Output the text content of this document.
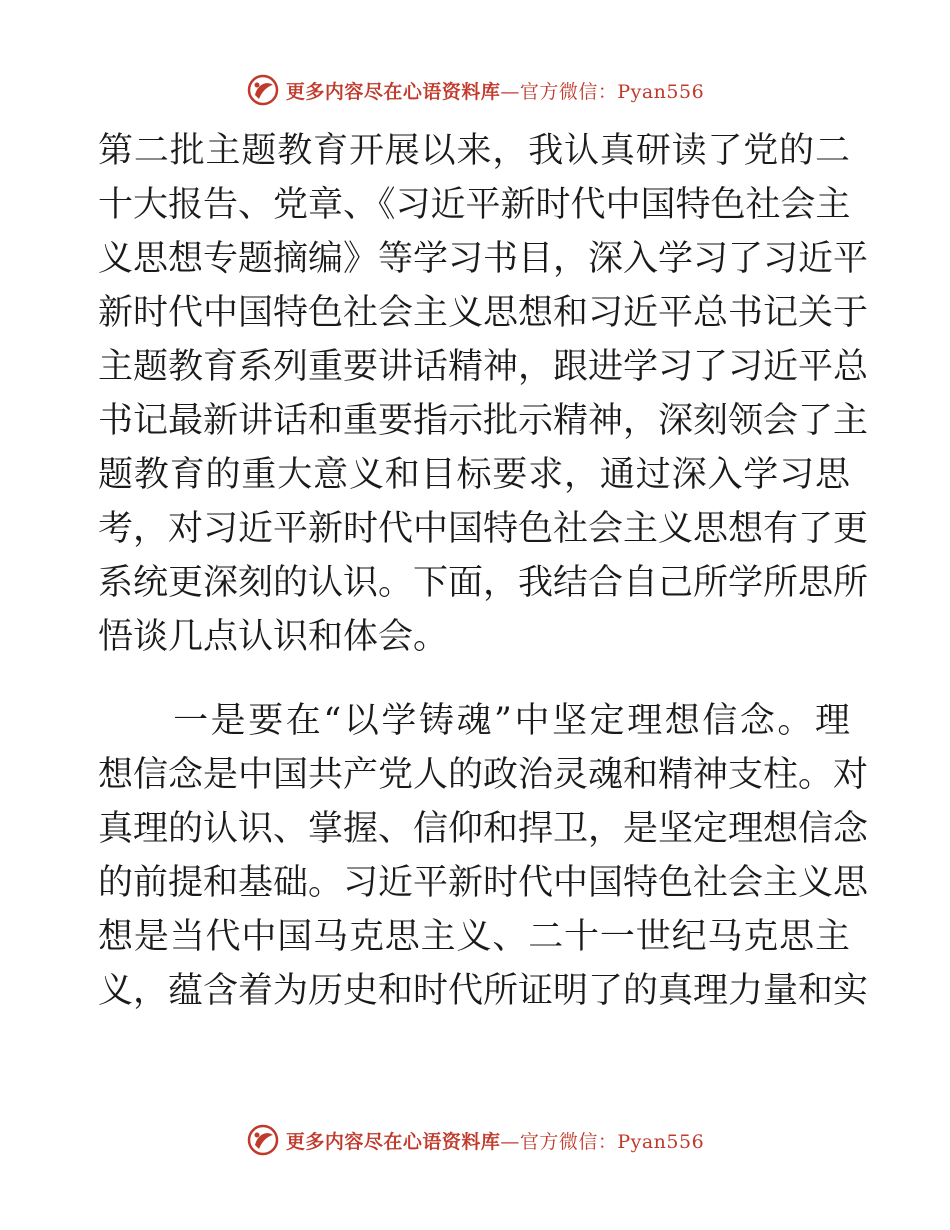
更多内容尽在心语资料库—官方微信：Pyan556
第二批主题教育开展以来，我认真研读了党的二
十大报告、党章、《习近平新时代中国特色社会主
义思想专题摘编》等学习书目，深入学习了习近平
新时代中国特色社会主义思想和习近平总书记关于
主题教育系列重要讲话精神，跟进学习了习近平总
书记最新讲话和重要指示批示精神，深刻领会了主
题教育的重大意义和目标要求，通过深入学习思
考，对习近平新时代中国特色社会主义思想有了更
系统更深刻的认识。下面，我结合自己所学所思所
悟谈几点认识和体会。
　　一是要在“以学铸魂”中坚定理想信念。理
想信念是中国共产党人的政治灵魂和精神支柱。对
真理的认识、掌握、信仰和捍卫，是坚定理想信念
的前提和基础。习近平新时代中国特色社会主义思
想是当代中国马克思主义、二十一世纪马克思主
义，蕴含着为历史和时代所证明了的真理力量和实
更多内容尽在心语资料库—官方微信：Pyan556
